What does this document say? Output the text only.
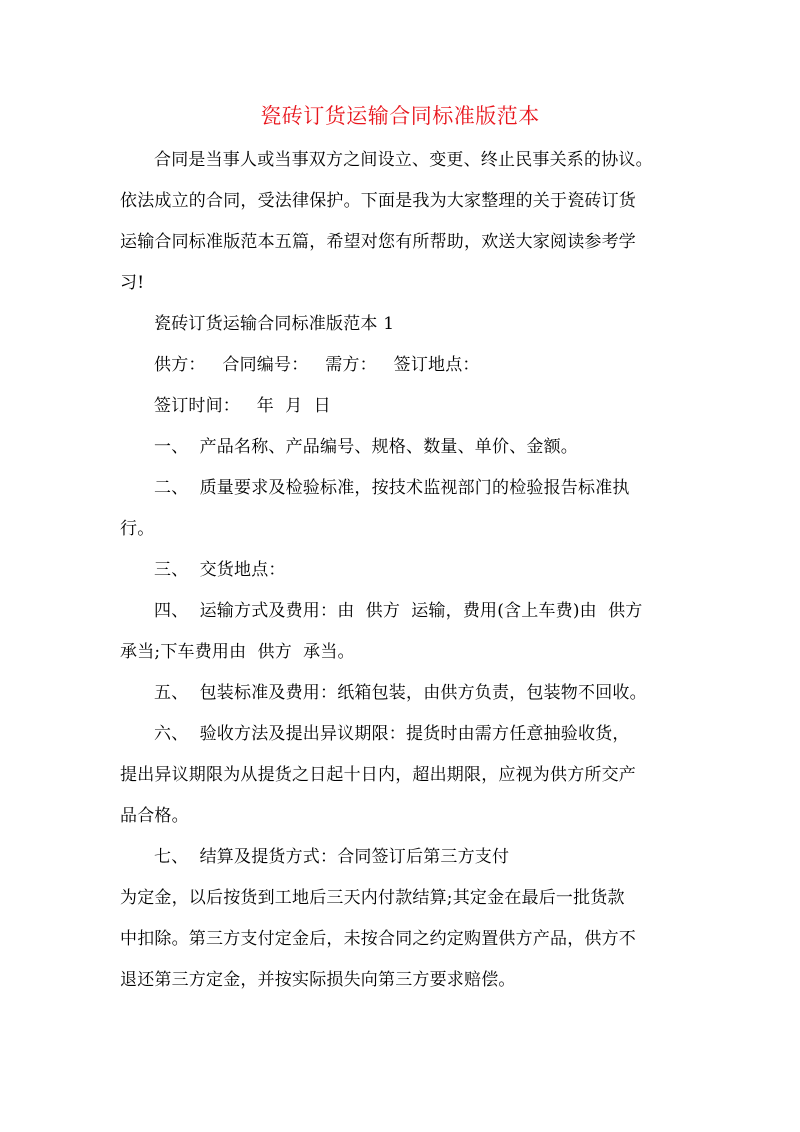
瓷砖订货运输合同标准版范本

合同是当事人或当事双方之间设立、变更、终止民事关系的协议。
依法成立的合同，受法律保护。下面是我为大家整理的关于瓷砖订货
运输合同标准版范本五篇，希望对您有所帮助，欢送大家阅读参考学
习!

瓷砖订货运输合同标准版范本 1

供方：   合同编号：   需方：   签订地点：

签订时间：   年  月  日

一、  产品名称、产品编号、规格、数量、单价、金额。

二、  质量要求及检验标准，按技术监视部门的检验报告标准执
行。

三、  交货地点：

四、  运输方式及费用：由  供方  运输，费用(含上车费)由  供方
承当;下车费用由  供方  承当。

五、  包装标准及费用：纸箱包装，由供方负责，包装物不回收。

六、  验收方法及提出异议期限：提货时由需方任意抽验收货，
提出异议期限为从提货之日起十日内，超出期限，应视为供方所交产
品合格。

七、  结算及提货方式：合同签订后第三方支付

为定金，以后按货到工地后三天内付款结算;其定金在最后一批货款
中扣除。第三方支付定金后，未按合同之约定购置供方产品，供方不
退还第三方定金，并按实际损失向第三方要求赔偿。
